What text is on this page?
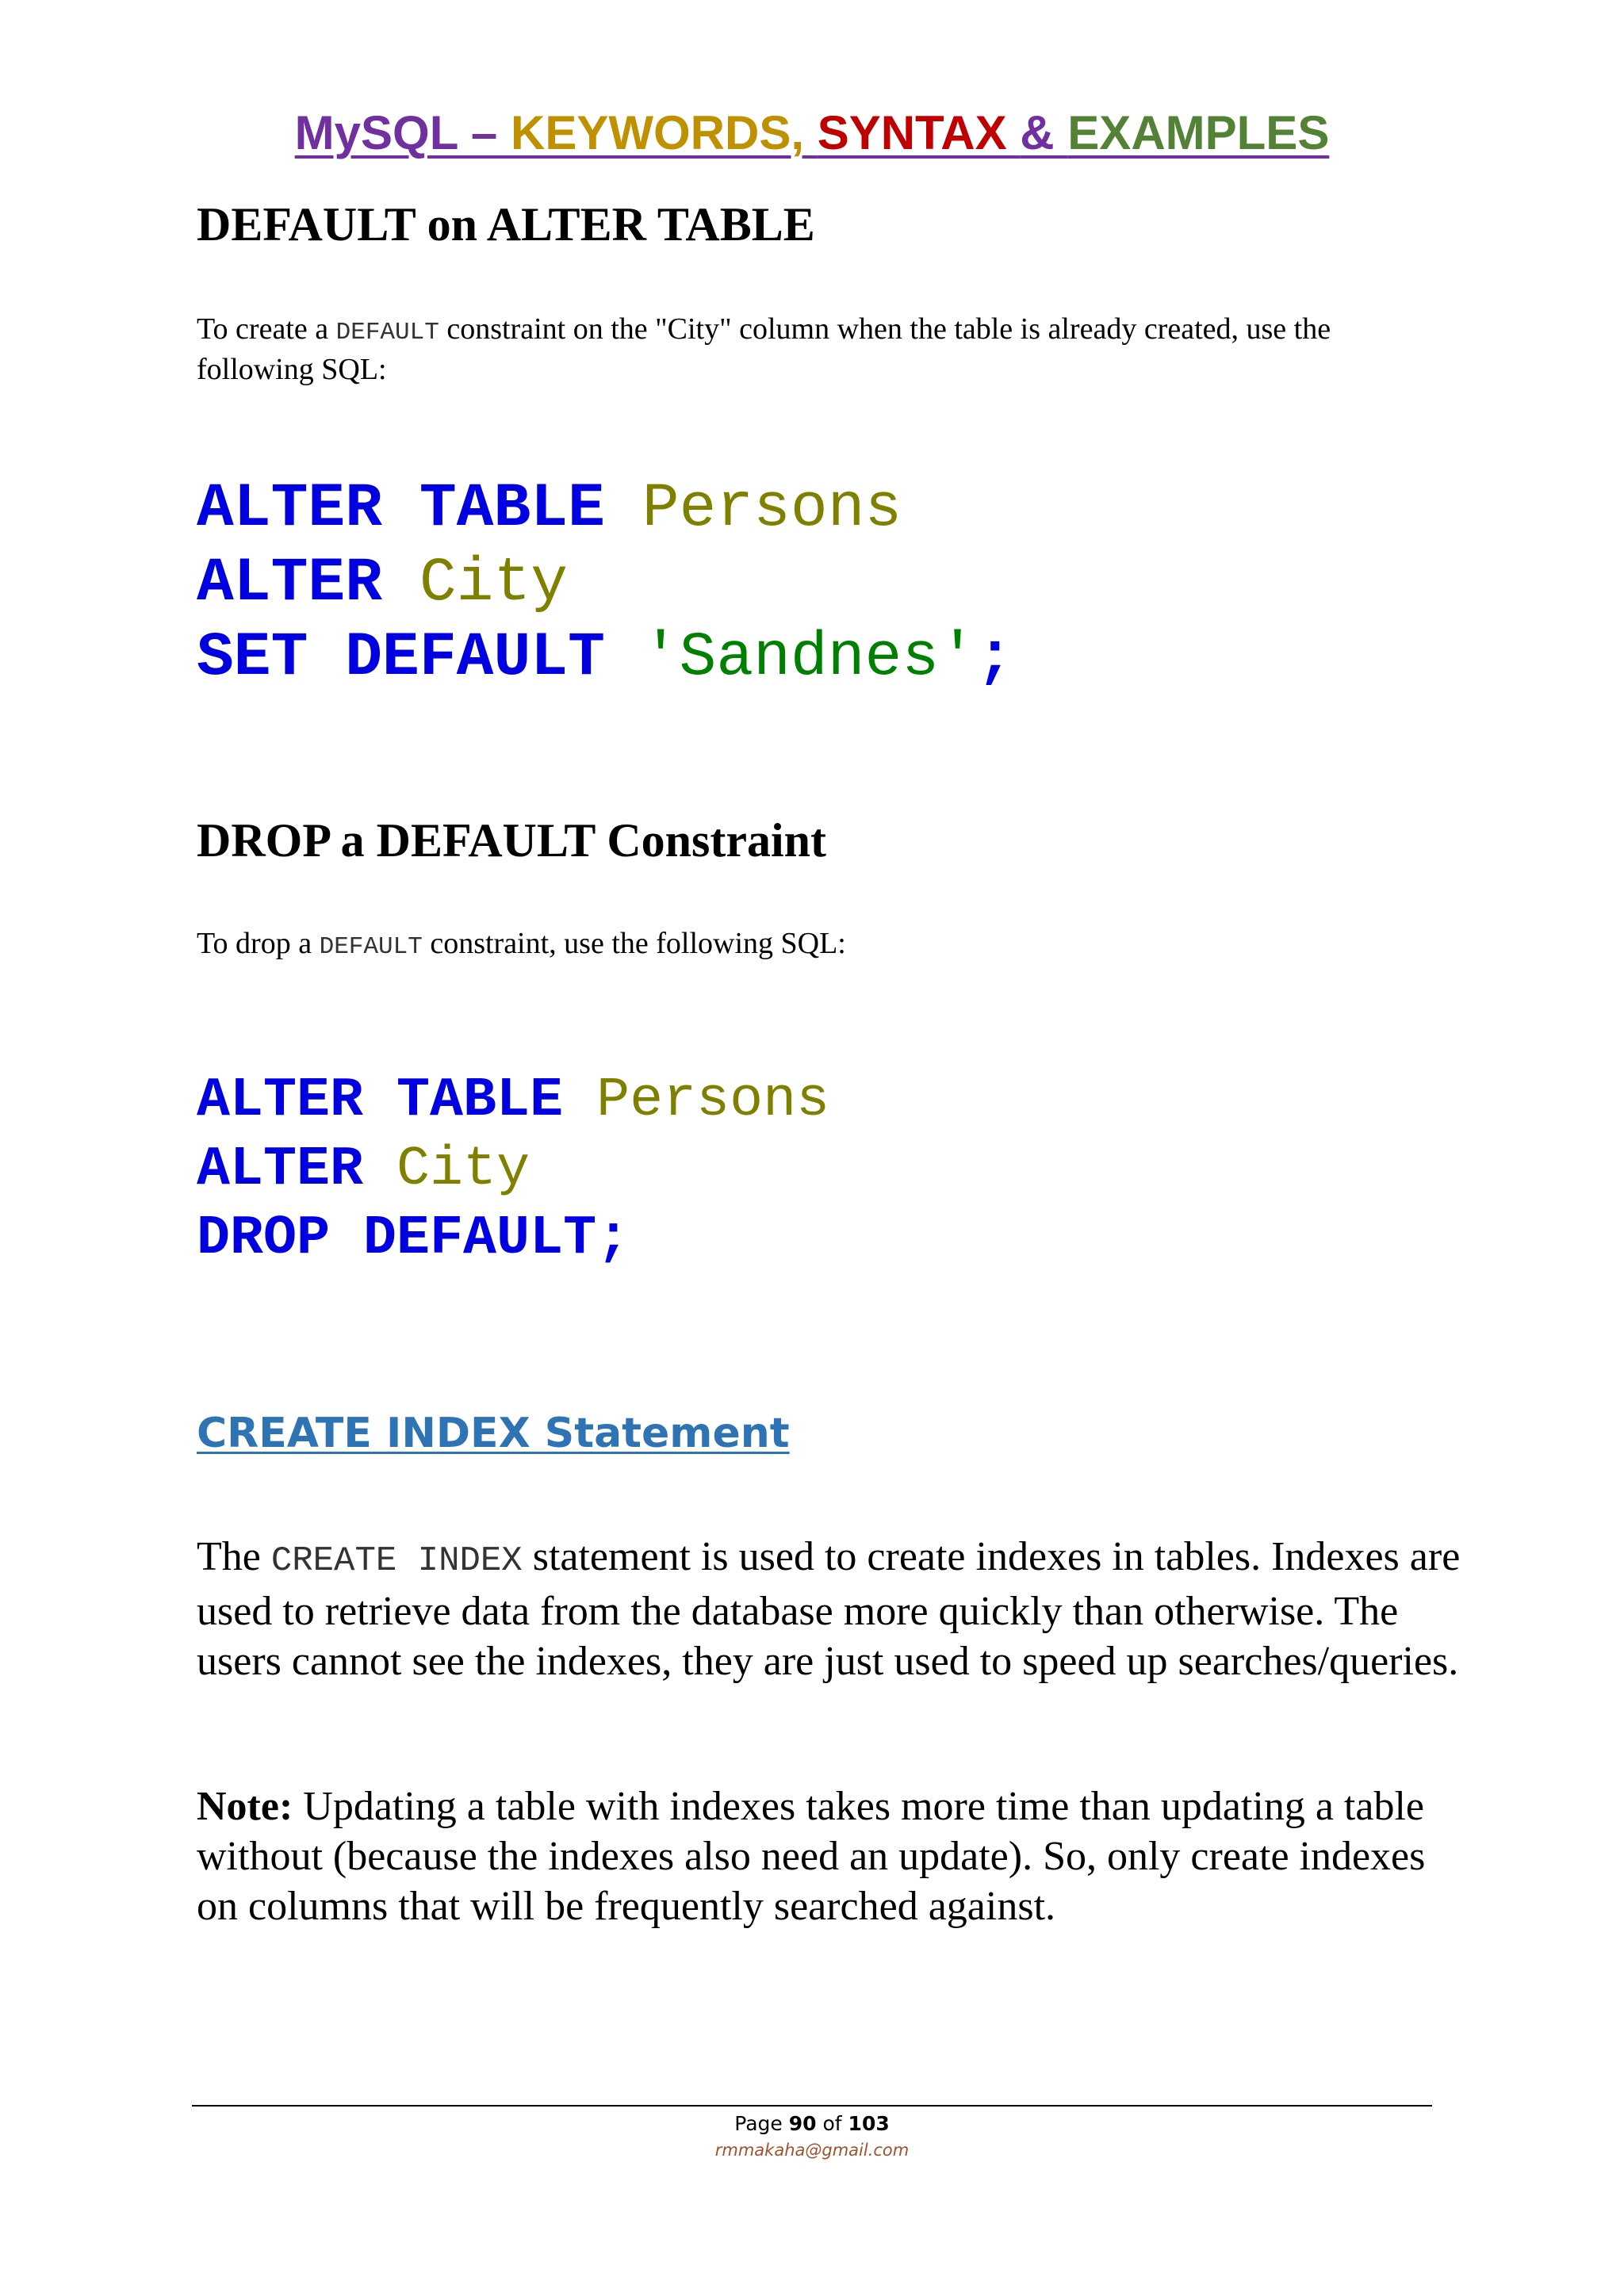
MySQL – KEYWORDS, SYNTAX & EXAMPLES
DEFAULT on ALTER TABLE
To create a DEFAULT constraint on the "City" column when the table is already created, use the following SQL:
ALTER TABLE Persons
ALTER City
SET DEFAULT 'Sandnes';
DROP a DEFAULT Constraint
To drop a DEFAULT constraint, use the following SQL:
ALTER TABLE Persons
ALTER City
DROP DEFAULT;
CREATE INDEX Statement
The CREATE INDEX statement is used to create indexes in tables. Indexes are used to retrieve data from the database more quickly than otherwise. The users cannot see the indexes, they are just used to speed up searches/queries.
Note: Updating a table with indexes takes more time than updating a table without (because the indexes also need an update). So, only create indexes on columns that will be frequently searched against.
Page 90 of 103
rmmakaha@gmail.com
